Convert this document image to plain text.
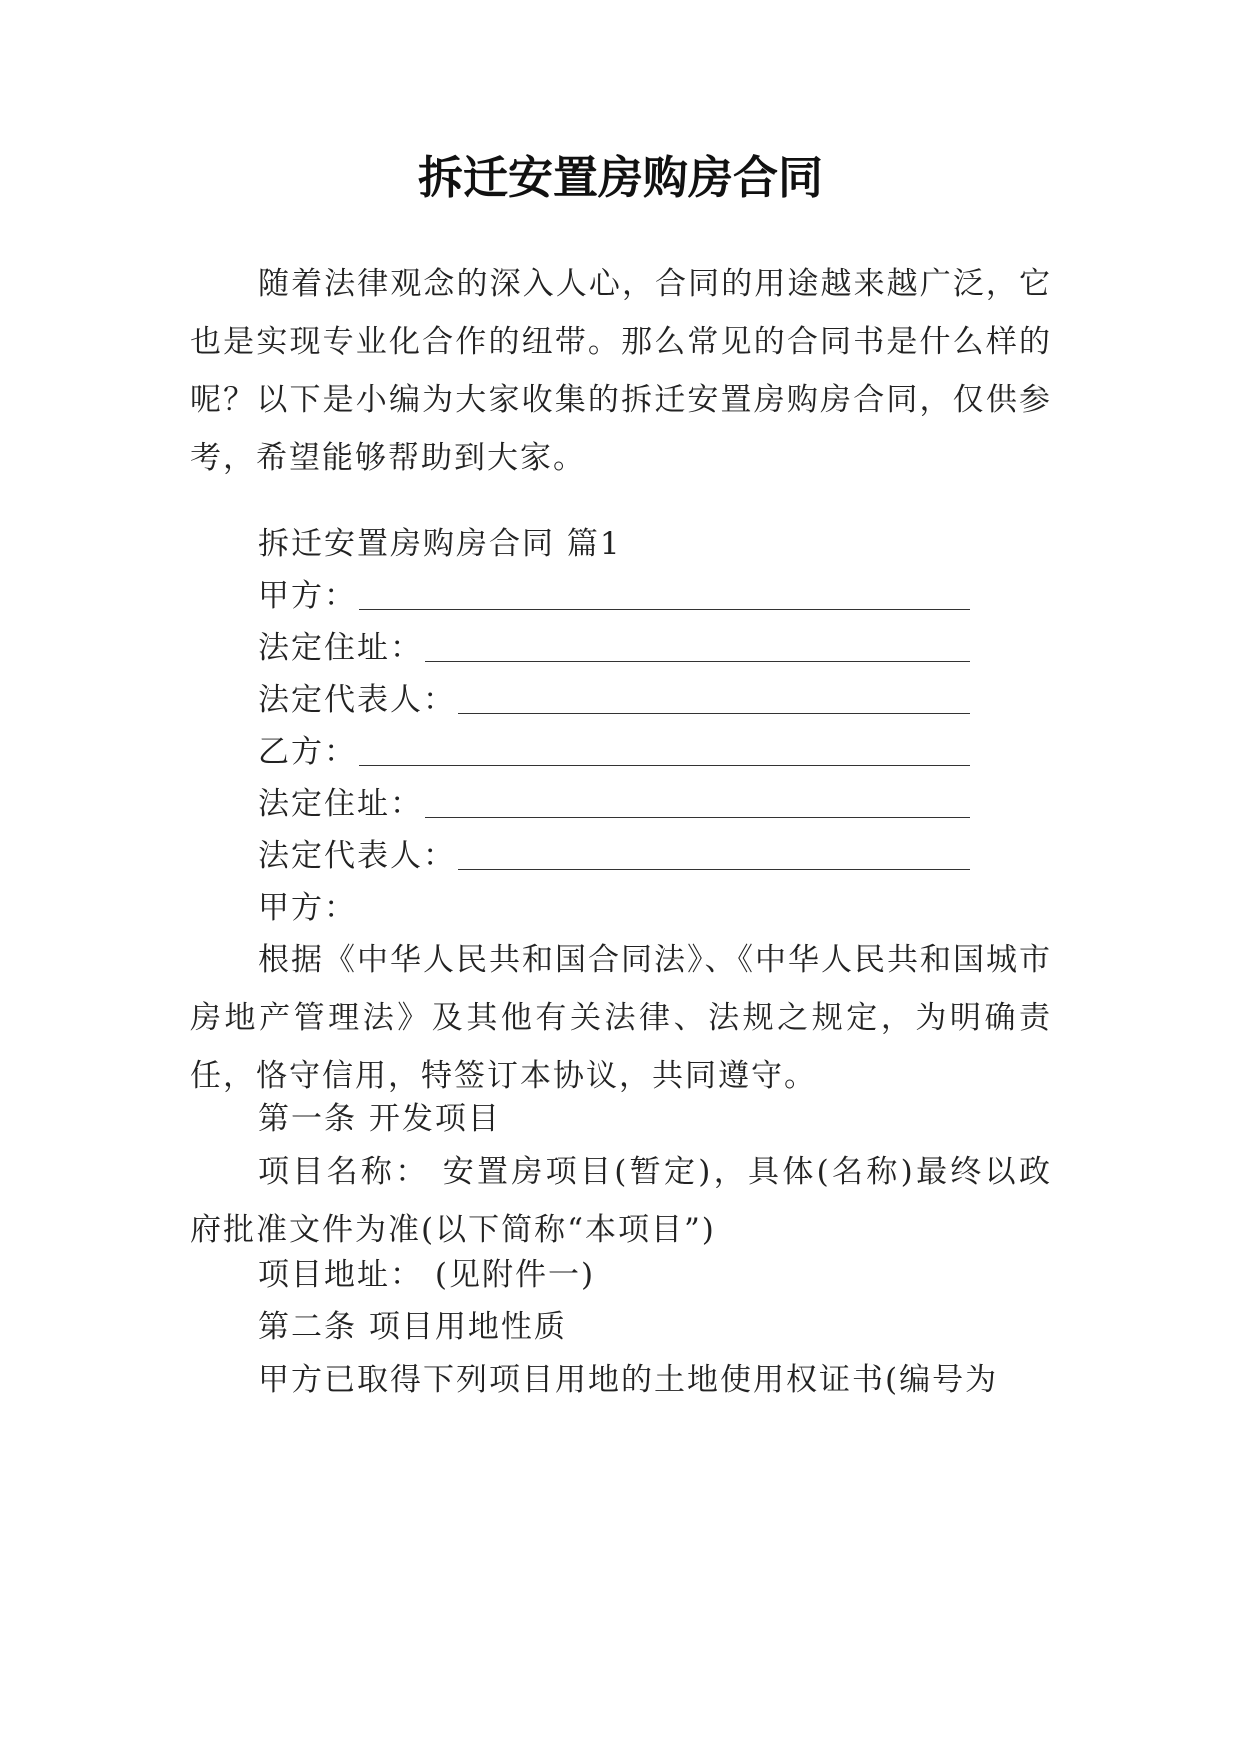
拆迁安置房购房合同

随着法律观念的深入人心，合同的用途越来越广泛，它也是实现专业化合作的纽带。那么常见的合同书是什么样的呢？以下是小编为大家收集的拆迁安置房购房合同，仅供参考，希望能够帮助到大家。

拆迁安置房购房合同 篇1

甲方：
法定住址：
法定代表人：
乙方：
法定住址：
法定代表人：

甲方：

根据《中华人民共和国合同法》、《中华人民共和国城市房地产管理法》及其他有关法律、法规之规定，为明确责任，恪守信用，特签订本协议，共同遵守。

第一条 开发项目

项目名称： 安置房项目(暂定)，具体(名称)最终以政府批准文件为准(以下简称“本项目”)

项目地址： (见附件一)

第二条 项目用地性质

甲方已取得下列项目用地的土地使用权证书(编号为
